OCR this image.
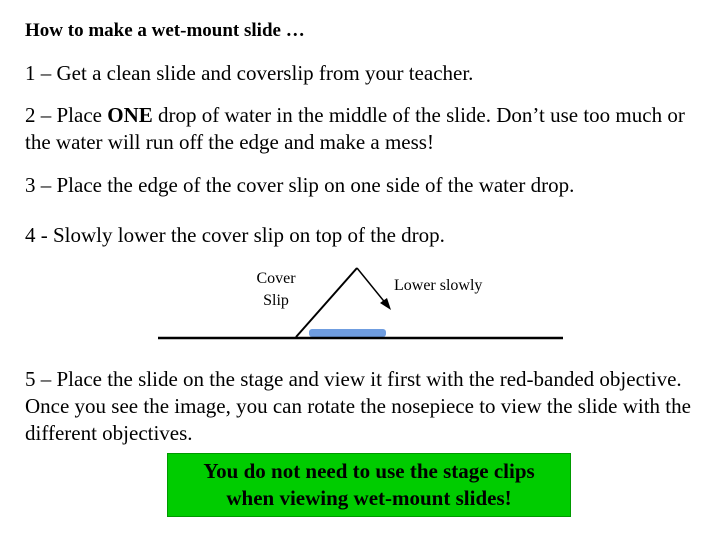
How to make a wet-mount slide …
1 – Get a clean slide and coverslip from your teacher.
2 – Place ONE drop of water in the middle of the slide. Don’t use too much or the water will run off the edge and make a mess!
3 – Place the edge of the cover slip on one side of the water drop.
4 - Slowly lower the cover slip on top of the drop.
Cover
Slip
Lower slowly
5 – Place the slide on the stage and view it first with the red-banded objective. Once you see the image, you can rotate the nosepiece to view the slide with the different objectives.
You do not need to use the stage clips
when viewing wet-mount slides!
